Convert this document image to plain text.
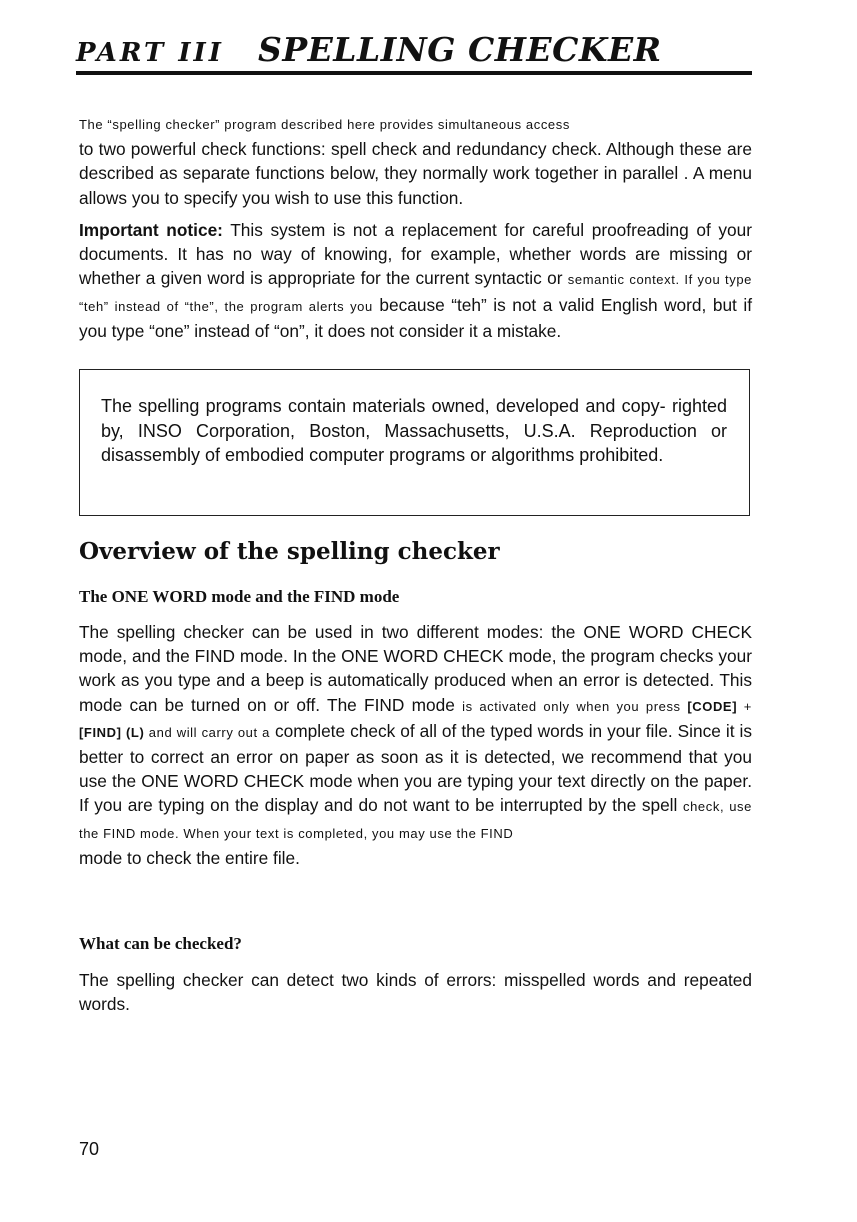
PART III SPELLING CHECKER
The “spelling checker” program described here provides simultaneous access
to two powerful check functions: spell check and redundancy check. Although these are described as separate functions below, they normally work together in parallel . A menu allows you to specify you wish to use this function.
Important notice: This system is not a replacement for careful proofreading of your documents. It has no way of knowing, for example, whether words are missing or whether a given word is appropriate for the current syntactic or semantic context. If you type “teh” instead of “the”, the program alerts you because “teh” is not a valid English word, but if you type “one” instead of “on”, it does not consider it a mistake.
The spelling programs contain materials owned, developed and copy- righted by, INSO Corporation, Boston, Massachusetts, U.S.A. Reproduction or disassembly of embodied computer programs or algorithms prohibited.
Overview of the spelling checker
The ONE WORD mode and the FIND mode
The spelling checker can be used in two different modes: the ONE WORD CHECK mode, and the FIND mode. In the ONE WORD CHECK mode, the program checks your work as you type and a beep is automatically produced when an error is detected. This mode can be turned on or off. The FIND mode is activated only when you press [CODE] + [FIND] (L) and will carry out a complete check of all of the typed words in your file. Since it is better to correct an error on paper as soon as it is detected, we recommend that you use the ONE WORD CHECK mode when you are typing your text directly on the paper. If you are typing on the display and do not want to be interrupted by the spell check, use the FIND mode. When your text is completed, you may use the FIND
mode to check the entire file.
What can be checked?
The spelling checker can detect two kinds of errors: misspelled words and repeated words.
70
